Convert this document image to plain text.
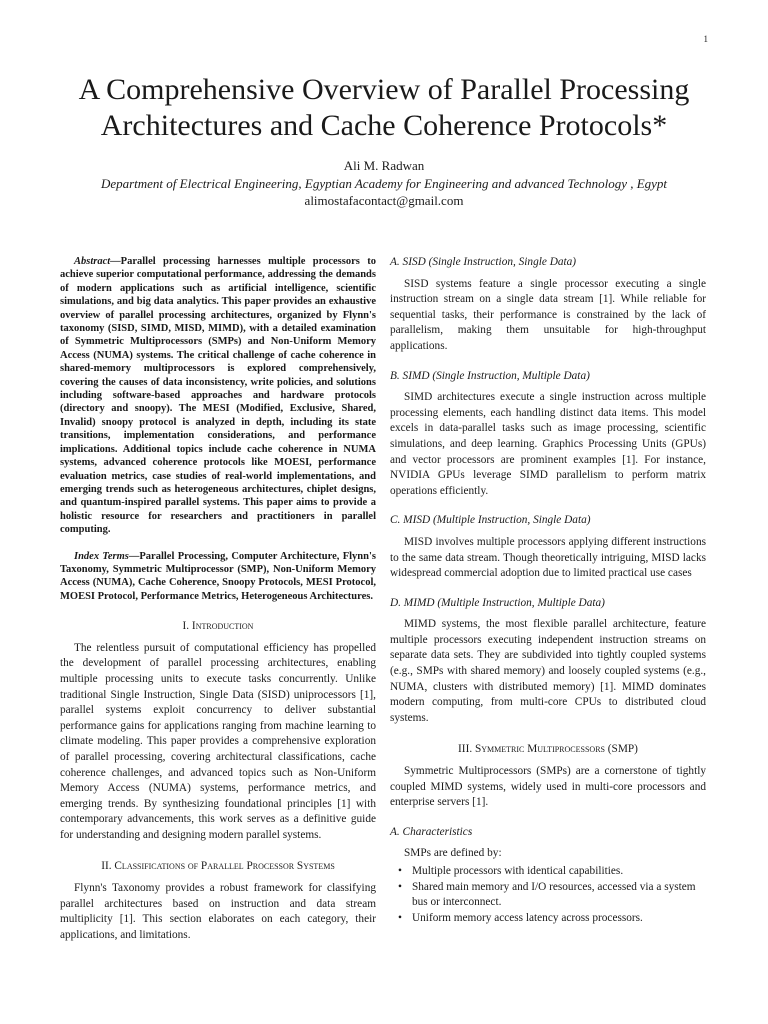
1
A Comprehensive Overview of Parallel Processing
Architectures and Cache Coherence Protocols*
Ali M. Radwan
Department of Electrical Engineering, Egyptian Academy for Engineering and advanced Technology , Egypt
alimostafacontact@gmail.com

Abstract—Parallel processing harnesses multiple processors to achieve superior computational performance, addressing the demands of modern applications such as artificial intelligence, scientific simulations, and big data analytics. This paper provides an exhaustive overview of parallel processing architectures, organized by Flynn's taxonomy (SISD, SIMD, MISD, MIMD), with a detailed examination of Symmetric Multiprocessors (SMPs) and Non-Uniform Memory Access (NUMA) systems. The critical challenge of cache coherence in shared-memory multiprocessors is explored comprehensively, covering the causes of data inconsistency, write policies, and solutions including software-based approaches and hardware protocols (directory and snoopy). The MESI (Modified, Exclusive, Shared, Invalid) snoopy protocol is analyzed in depth, including its state transitions, implementation considerations, and performance implications. Additional topics include cache coherence in NUMA systems, advanced coherence protocols like MOESI, performance evaluation metrics, case studies of real-world implementations, and emerging trends such as heterogeneous architectures, chiplet designs, and quantum-inspired parallel systems. This paper aims to provide a holistic resource for researchers and practitioners in parallel computing.

Index Terms—Parallel Processing, Computer Architecture, Flynn's Taxonomy, Symmetric Multiprocessor (SMP), Non-Uniform Memory Access (NUMA), Cache Coherence, Snoopy Protocols, MESI Protocol, MOESI Protocol, Performance Metrics, Heterogeneous Architectures.

I. Introduction

The relentless pursuit of computational efficiency has propelled the development of parallel processing architectures, enabling multiple processing units to execute tasks concurrently. Unlike traditional Single Instruction, Single Data (SISD) uniprocessors [1], parallel systems exploit concurrency to deliver substantial performance gains for applications ranging from machine learning to climate modeling. This paper provides a comprehensive exploration of parallel processing, covering architectural classifications, cache coherence challenges, and advanced topics such as Non-Uniform Memory Access (NUMA) systems, performance metrics, and emerging trends. By synthesizing foundational principles [1] with contemporary advancements, this work serves as a definitive guide for understanding and designing modern parallel systems.

II. Classifications of Parallel Processor Systems

Flynn's Taxonomy provides a robust framework for classifying parallel architectures based on instruction and data stream multiplicity [1]. This section elaborates on each category, their applications, and limitations.

A. SISD (Single Instruction, Single Data)

SISD systems feature a single processor executing a single instruction stream on a single data stream [1]. While reliable for sequential tasks, their performance is constrained by the lack of parallelism, making them unsuitable for high-throughput applications.

B. SIMD (Single Instruction, Multiple Data)

SIMD architectures execute a single instruction across multiple processing elements, each handling distinct data items. This model excels in data-parallel tasks such as image processing, scientific simulations, and deep learning. Graphics Processing Units (GPUs) and vector processors are prominent examples [1]. For instance, NVIDIA GPUs leverage SIMD parallelism to perform matrix operations efficiently.

C. MISD (Multiple Instruction, Single Data)

MISD involves multiple processors applying different instructions to the same data stream. Though theoretically intriguing, MISD lacks widespread commercial adoption due to limited practical use cases

D. MIMD (Multiple Instruction, Multiple Data)

MIMD systems, the most flexible parallel architecture, feature multiple processors executing independent instruction streams on separate data sets. They are subdivided into tightly coupled systems (e.g., SMPs with shared memory) and loosely coupled systems (e.g., NUMA, clusters with distributed memory) [1]. MIMD dominates modern computing, from multi-core CPUs to distributed cloud systems.

III. Symmetric Multiprocessors (SMP)

Symmetric Multiprocessors (SMPs) are a cornerstone of tightly coupled MIMD systems, widely used in multi-core processors and enterprise servers [1].

A. Characteristics

SMPs are defined by:

• Multiple processors with identical capabilities.
• Shared main memory and I/O resources, accessed via a system bus or interconnect.
• Uniform memory access latency across processors.
